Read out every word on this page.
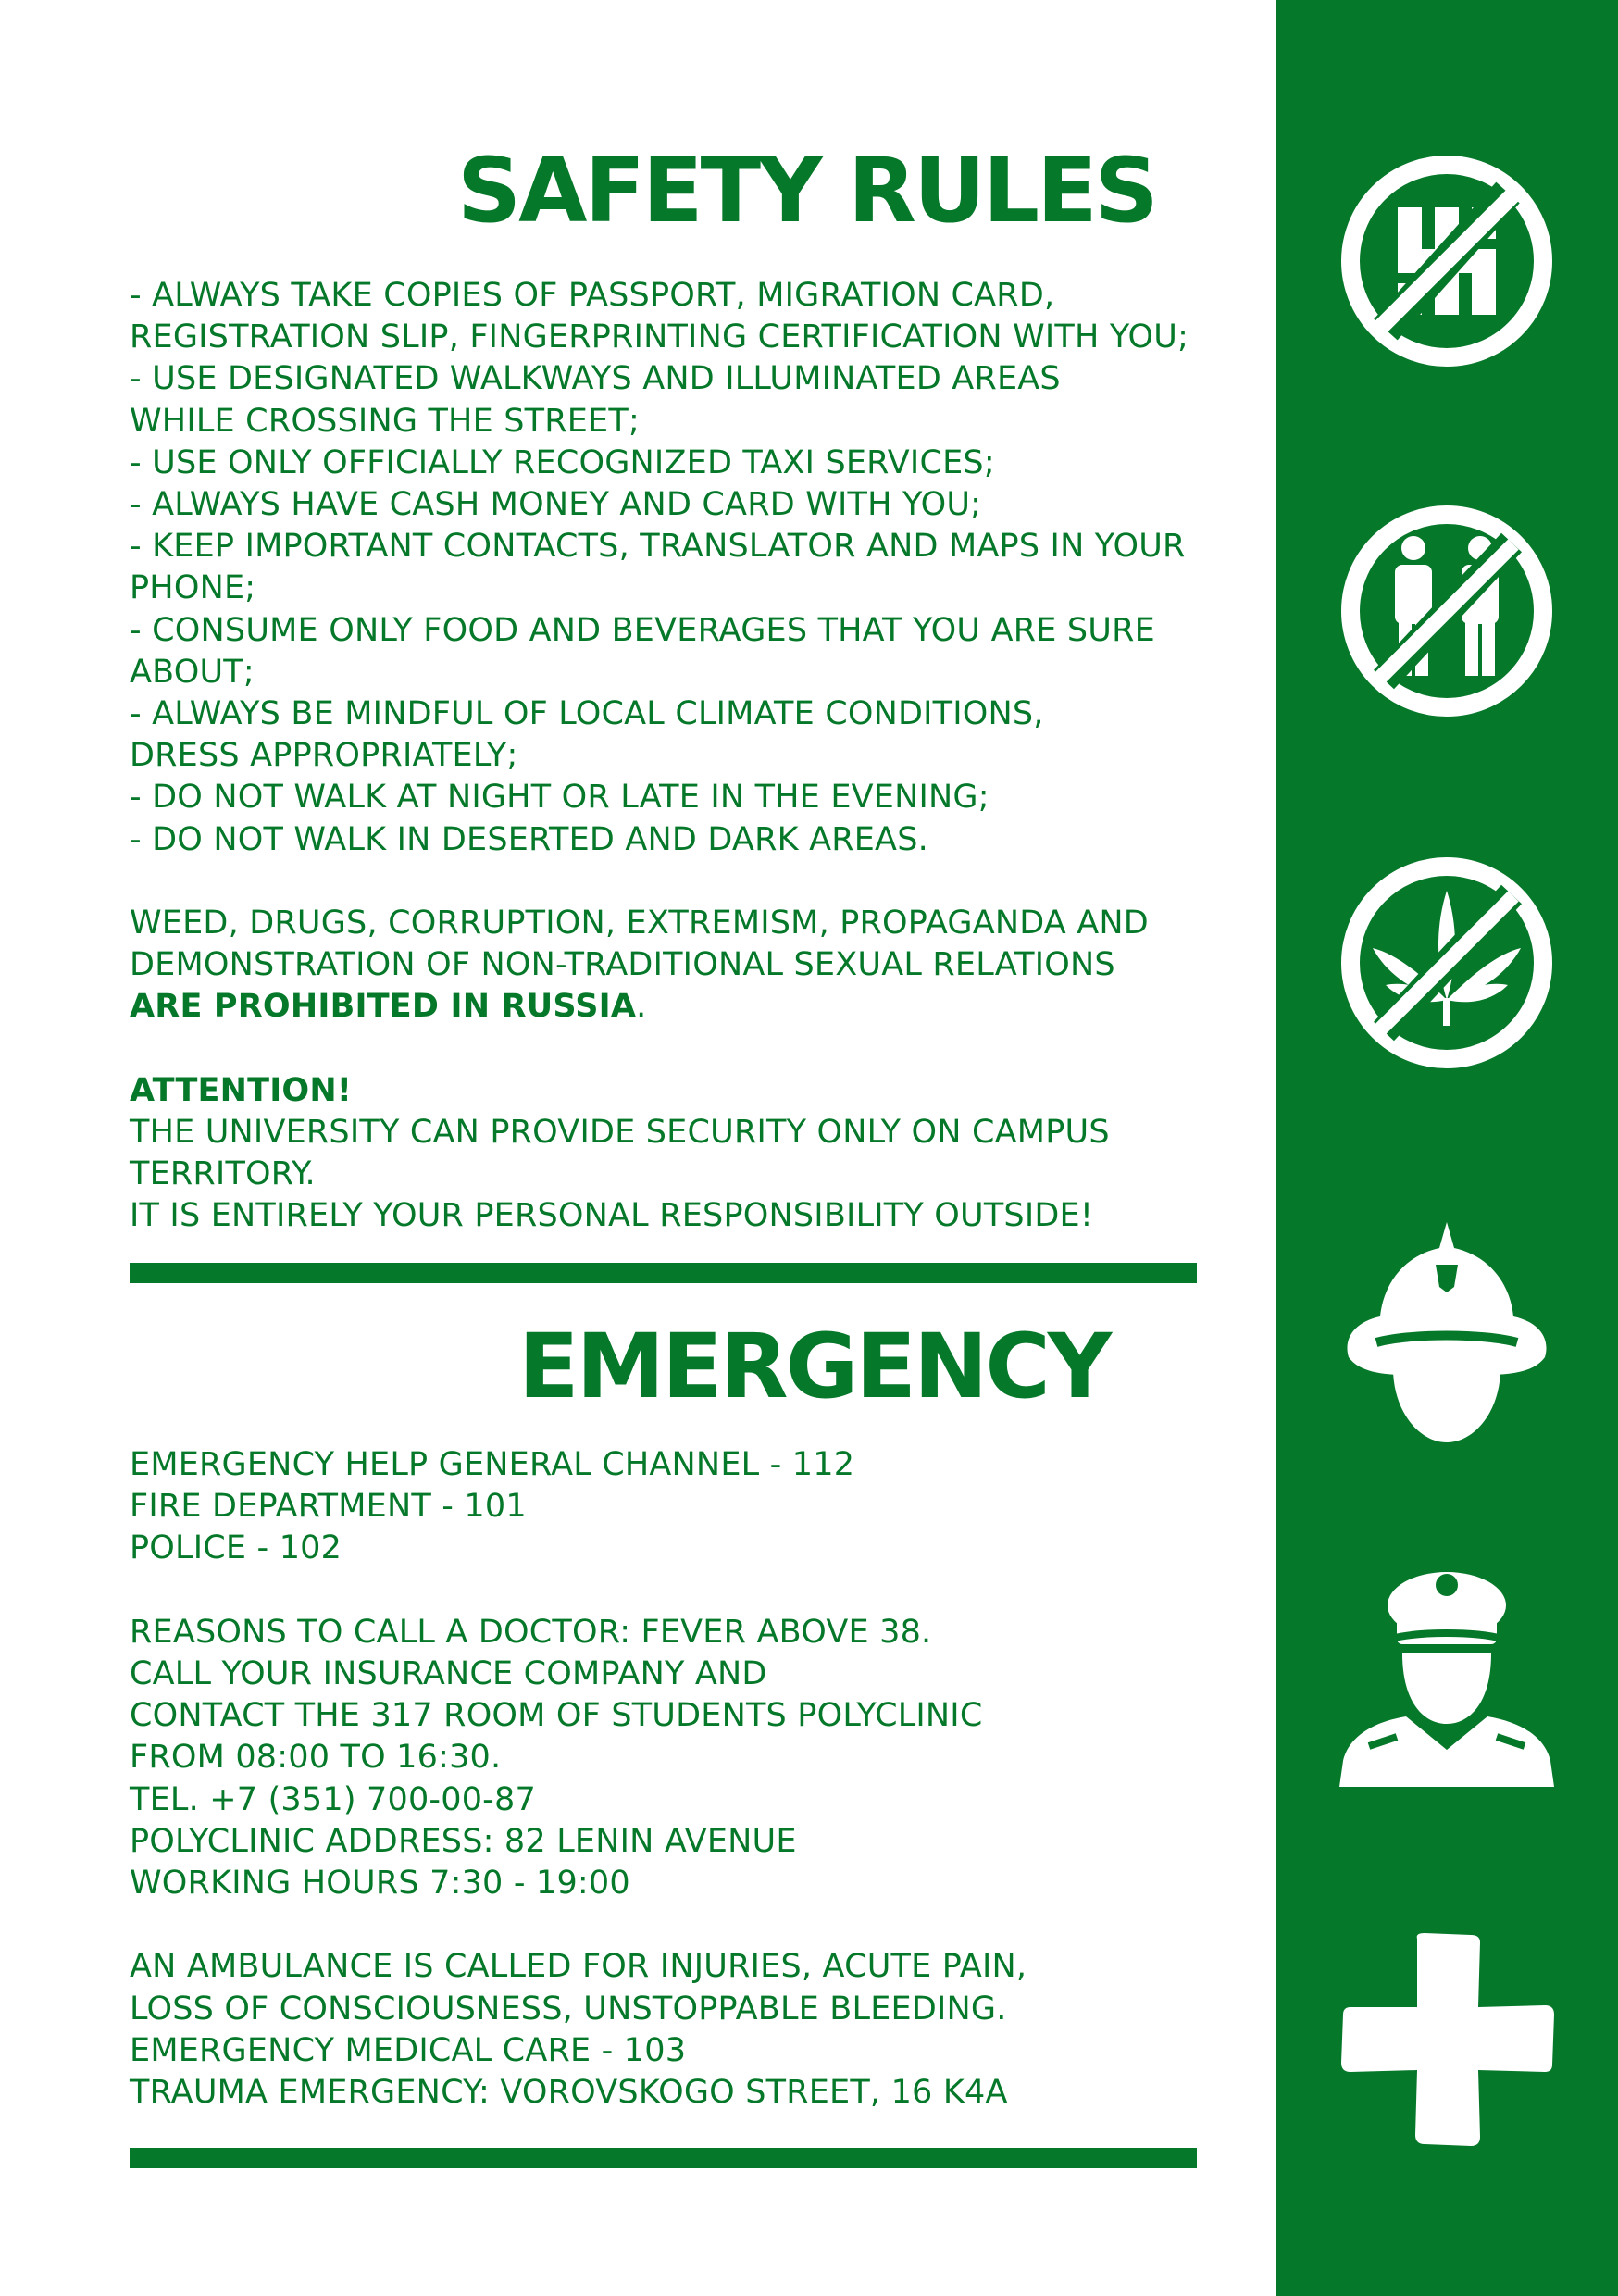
SAFETY RULES
- ALWAYS TAKE COPIES OF PASSPORT, MIGRATION CARD,
REGISTRATION SLIP, FINGERPRINTING CERTIFICATION WITH YOU;
- USE DESIGNATED WALKWAYS AND ILLUMINATED AREAS
WHILE CROSSING THE STREET;
- USE ONLY OFFICIALLY RECOGNIZED TAXI SERVICES;
- ALWAYS HAVE CASH MONEY AND CARD WITH YOU;
- KEEP IMPORTANT CONTACTS, TRANSLATOR AND MAPS IN YOUR
PHONE;
- CONSUME ONLY FOOD AND BEVERAGES THAT YOU ARE SURE
ABOUT;
- ALWAYS BE MINDFUL OF LOCAL CLIMATE CONDITIONS,
DRESS APPROPRIATELY;
- DO NOT WALK AT NIGHT OR LATE IN THE EVENING;
- DO NOT WALK IN DESERTED AND DARK AREAS.
WEED, DRUGS, CORRUPTION, EXTREMISM, PROPAGANDA AND
DEMONSTRATION OF NON-TRADITIONAL SEXUAL RELATIONS
ARE PROHIBITED IN RUSSIA.
ATTENTION!
THE UNIVERSITY CAN PROVIDE SECURITY ONLY ON CAMPUS
TERRITORY.
IT IS ENTIRELY YOUR PERSONAL RESPONSIBILITY OUTSIDE!
EMERGENCY
EMERGENCY HELP GENERAL CHANNEL - 112
FIRE DEPARTMENT - 101
POLICE - 102
REASONS TO CALL A DOCTOR: FEVER ABOVE 38.
CALL YOUR INSURANCE COMPANY AND
CONTACT THE 317 ROOM OF STUDENTS POLYCLINIC
FROM 08:00 TO 16:30.
TEL. +7 (351) 700-00-87
POLYCLINIC ADDRESS: 82 LENIN AVENUE
WORKING HOURS 7:30 - 19:00
AN AMBULANCE IS CALLED FOR INJURIES, ACUTE PAIN,
LOSS OF CONSCIOUSNESS, UNSTOPPABLE BLEEDING.
EMERGENCY MEDICAL CARE - 103
TRAUMA EMERGENCY: VOROVSKOGO STREET, 16 K4A
